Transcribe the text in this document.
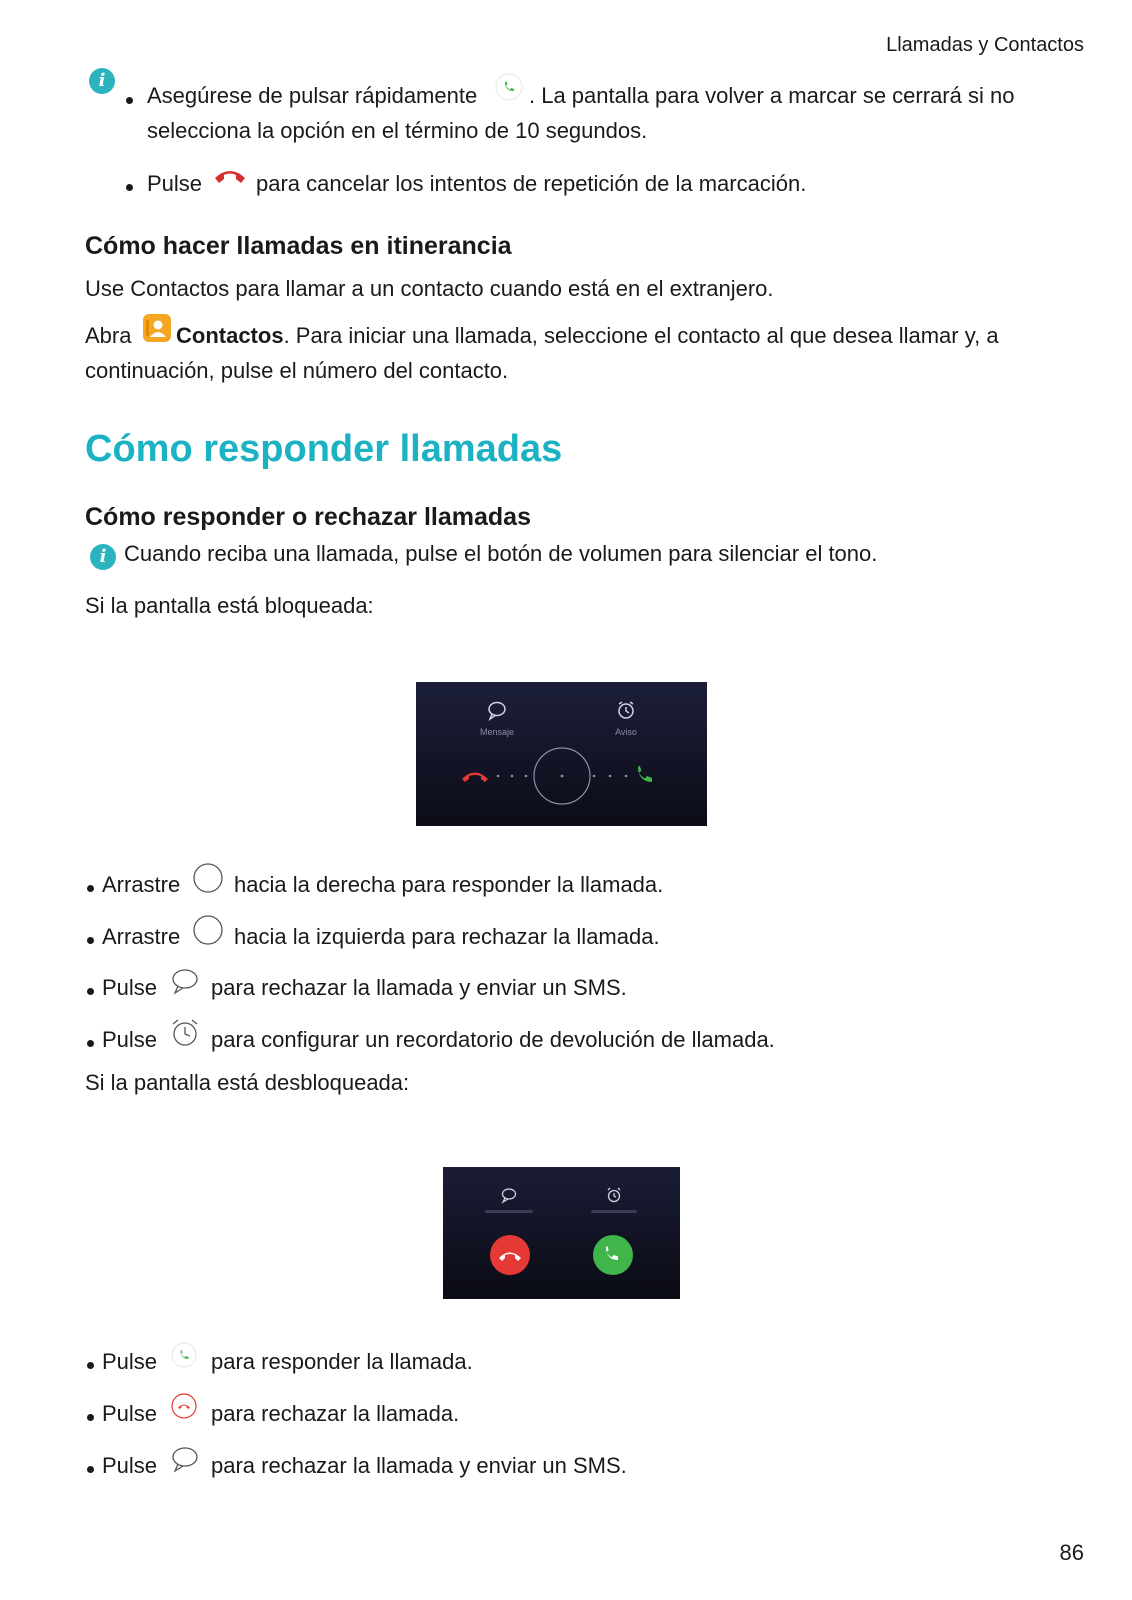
Llamadas y Contactos
i
Asegúrese de pulsar rápidamente . La pantalla para volver a marcar se cerrará si no
selecciona la opción en el término de 10 segundos.
Pulse para cancelar los intentos de repetición de la marcación.
Cómo hacer llamadas en itinerancia
Use Contactos para llamar a un contacto cuando está en el extranjero.
Abra Contactos. Para iniciar una llamada, seleccione el contacto al que desea llamar y, a
continuación, pulse el número del contacto.
Cómo responder llamadas
Cómo responder o rechazar llamadas
i Cuando reciba una llamada, pulse el botón de volumen para silenciar el tono.
Si la pantalla está bloqueada:
Mensaje	Aviso
Arrastre hacia la derecha para responder la llamada.
Arrastre hacia la izquierda para rechazar la llamada.
Pulse para rechazar la llamada y enviar un SMS.
Pulse para configurar un recordatorio de devolución de llamada.
Si la pantalla está desbloqueada:
Pulse para responder la llamada.
Pulse para rechazar la llamada.
Pulse para rechazar la llamada y enviar un SMS.
86
